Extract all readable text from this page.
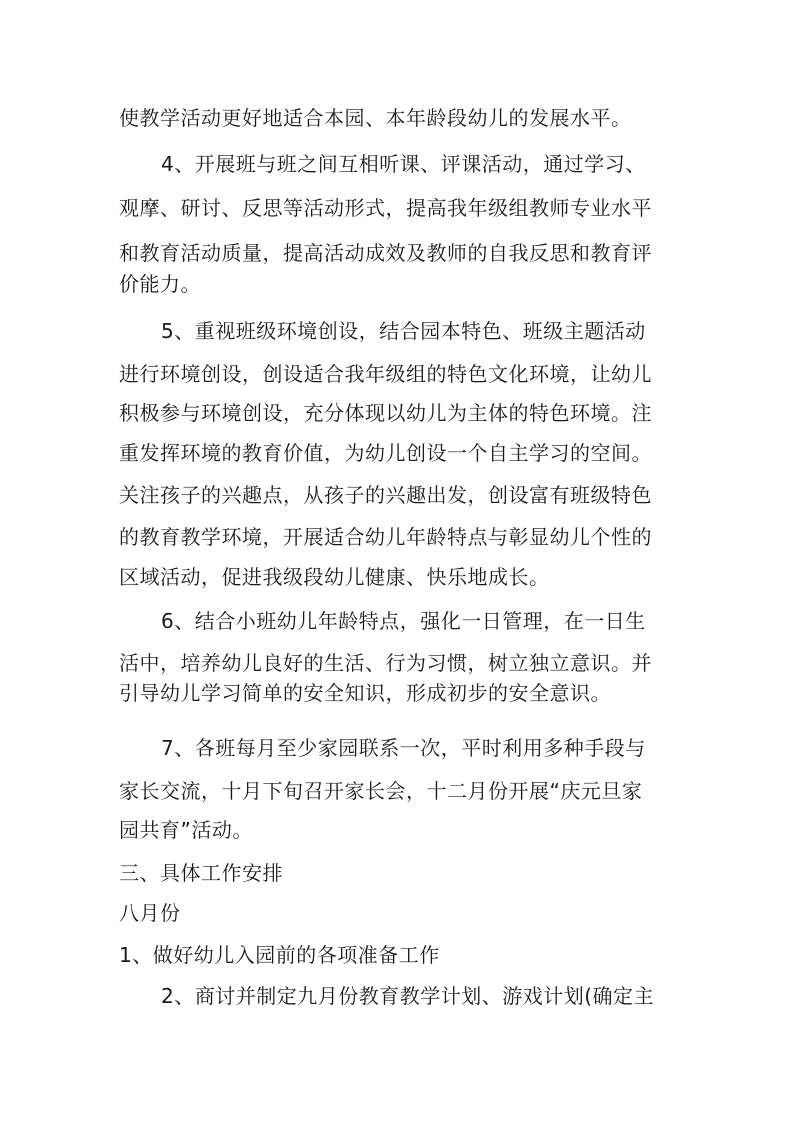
使教学活动更好地适合本园、本年龄段幼儿的发展水平。
4、开展班与班之间互相听课、评课活动，通过学习、
观摩、研讨、反思等活动形式，提高我年级组教师专业水平
和教育活动质量，提高活动成效及教师的自我反思和教育评
价能力。
5、重视班级环境创设，结合园本特色、班级主题活动
进行环境创设，创设适合我年级组的特色文化环境，让幼儿
积极参与环境创设，充分体现以幼儿为主体的特色环境。注
重发挥环境的教育价值，为幼儿创设一个自主学习的空间。
关注孩子的兴趣点，从孩子的兴趣出发，创设富有班级特色
的教育教学环境，开展适合幼儿年龄特点与彰显幼儿个性的
区域活动，促进我级段幼儿健康、快乐地成长。
6、结合小班幼儿年龄特点，强化一日管理，在一日生
活中，培养幼儿良好的生活、行为习惯，树立独立意识。并
引导幼儿学习简单的安全知识，形成初步的安全意识。
7、各班每月至少家园联系一次，平时利用多种手段与
家长交流，十月下旬召开家长会，十二月份开展“庆元旦家
园共育”活动。
三、具体工作安排
八月份
1、做好幼儿入园前的各项准备工作
2、商讨并制定九月份教育教学计划、游戏计划(确定主
